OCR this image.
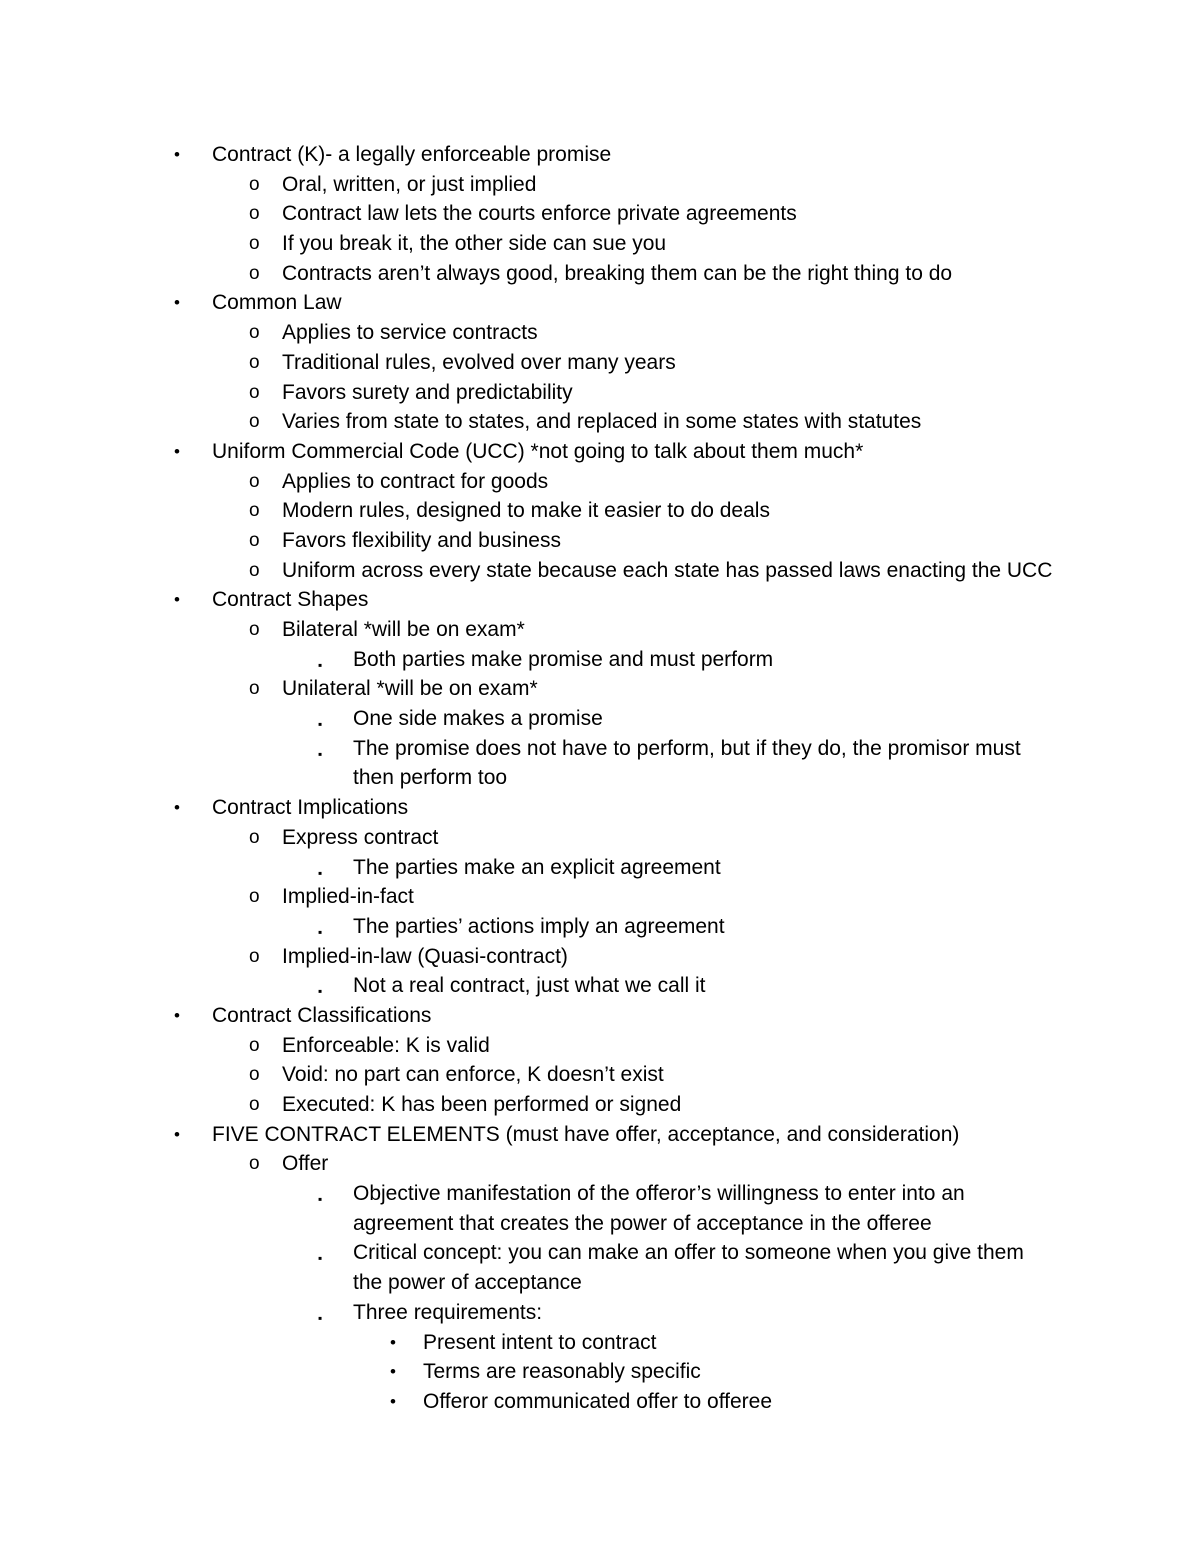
• Contract (K)- a legally enforceable promise
o Oral, written, or just implied
o Contract law lets the courts enforce private agreements
o If you break it, the other side can sue you
o Contracts aren’t always good, breaking them can be the right thing to do
• Common Law
o Applies to service contracts
o Traditional rules, evolved over many years
o Favors surety and predictability
o Varies from state to states, and replaced in some states with statutes
• Uniform Commercial Code (UCC) *not going to talk about them much*
o Applies to contract for goods
o Modern rules, designed to make it easier to do deals
o Favors flexibility and business
o Uniform across every state because each state has passed laws enacting the UCC
• Contract Shapes
o Bilateral *will be on exam*
▪ Both parties make promise and must perform
o Unilateral *will be on exam*
▪ One side makes a promise
▪ The promise does not have to perform, but if they do, the promisor must
then perform too
• Contract Implications
o Express contract
▪ The parties make an explicit agreement
o Implied-in-fact
▪ The parties’ actions imply an agreement
o Implied-in-law (Quasi-contract)
▪ Not a real contract, just what we call it
• Contract Classifications
o Enforceable: K is valid
o Void: no part can enforce, K doesn’t exist
o Executed: K has been performed or signed
• FIVE CONTRACT ELEMENTS (must have offer, acceptance, and consideration)
o Offer
▪ Objective manifestation of the offeror’s willingness to enter into an
agreement that creates the power of acceptance in the offeree
▪ Critical concept: you can make an offer to someone when you give them
the power of acceptance
▪ Three requirements:
• Present intent to contract
• Terms are reasonably specific
• Offeror communicated offer to offeree
